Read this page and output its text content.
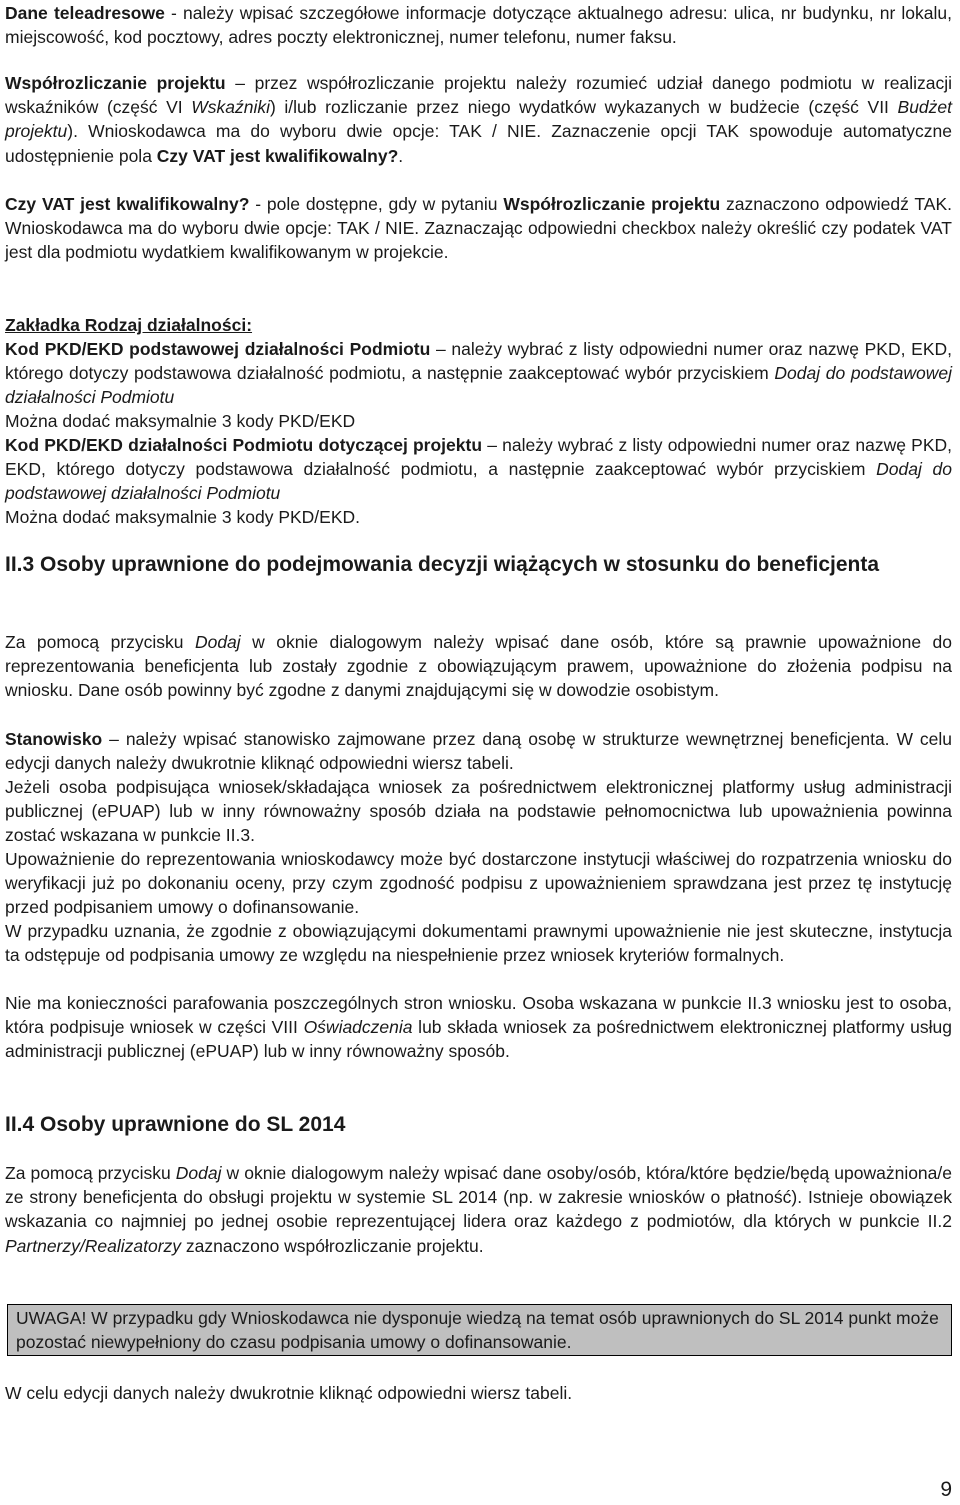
Dane teleadresowe - należy wpisać szczegółowe informacje dotyczące aktualnego adresu: ulica, nr budynku, nr lokalu, miejscowość, kod pocztowy, adres poczty elektronicznej, numer telefonu, numer faksu.

Współrozliczanie projektu – przez współrozliczanie projektu należy rozumieć udział danego podmiotu w realizacji wskaźników (część VI Wskaźniki) i/lub rozliczanie przez niego wydatków wykazanych w budżecie (część VII Budżet projektu). Wnioskodawca ma do wyboru dwie opcje: TAK / NIE. Zaznaczenie opcji TAK spowoduje automatyczne udostępnienie pola Czy VAT jest kwalifikowalny?.

Czy VAT jest kwalifikowalny? - pole dostępne, gdy w pytaniu Współrozliczanie projektu zaznaczono odpowiedź TAK. Wnioskodawca ma do wyboru dwie opcje: TAK / NIE. Zaznaczając odpowiedni checkbox należy określić czy podatek VAT jest dla podmiotu wydatkiem kwalifikowanym w projekcie.

Zakładka Rodzaj działalności:

Kod PKD/EKD podstawowej działalności Podmiotu – należy wybrać z listy odpowiedni numer oraz nazwę PKD, EKD, którego dotyczy podstawowa działalność podmiotu, a następnie zaakceptować wybór przyciskiem Dodaj do podstawowej działalności Podmiotu

Można dodać maksymalnie 3 kody PKD/EKD

Kod PKD/EKD działalności Podmiotu dotyczącej projektu – należy wybrać z listy odpowiedni numer oraz nazwę PKD, EKD, którego dotyczy podstawowa działalność podmiotu, a następnie zaakceptować wybór przyciskiem Dodaj do podstawowej działalności Podmiotu

Można dodać maksymalnie 3 kody PKD/EKD.

II.3 Osoby uprawnione do podejmowania decyzji wiążących w stosunku do beneficjenta

Za pomocą przycisku Dodaj w oknie dialogowym należy wpisać dane osób, które są prawnie upoważnione do reprezentowania beneficjenta lub zostały zgodnie z obowiązującym prawem, upoważnione do złożenia podpisu na wniosku. Dane osób powinny być zgodne z danymi znajdującymi się w dowodzie osobistym.

Stanowisko – należy wpisać stanowisko zajmowane przez daną osobę w strukturze wewnętrznej beneficjenta. W celu edycji danych należy dwukrotnie kliknąć odpowiedni wiersz tabeli.

Jeżeli osoba podpisująca wniosek/składająca wniosek za pośrednictwem elektronicznej platformy usług administracji publicznej (ePUAP) lub w inny równoważny sposób działa na podstawie pełnomocnictwa lub upoważnienia powinna zostać wskazana w punkcie II.3.

Upoważnienie do reprezentowania wnioskodawcy może być dostarczone instytucji właściwej do rozpatrzenia wniosku do weryfikacji już po dokonaniu oceny, przy czym zgodność podpisu z upoważnieniem sprawdzana jest przez tę instytucję przed podpisaniem umowy o dofinansowanie.

W przypadku uznania, że zgodnie z obowiązującymi dokumentami prawnymi upoważnienie nie jest skuteczne, instytucja ta odstępuje od podpisania umowy ze względu na niespełnienie przez wniosek kryteriów formalnych.

Nie ma konieczności parafowania poszczególnych stron wniosku. Osoba wskazana w punkcie II.3 wniosku jest to osoba, która podpisuje wniosek w części VIII Oświadczenia lub składa wniosek za pośrednictwem elektronicznej platformy usług administracji publicznej (ePUAP) lub w inny równoważny sposób.

II.4 Osoby uprawnione do SL 2014

Za pomocą przycisku Dodaj w oknie dialogowym należy wpisać dane osoby/osób, która/które będzie/będą upoważniona/e ze strony beneficjenta do obsługi projektu w systemie SL 2014 (np. w zakresie wniosków o płatność). Istnieje obowiązek wskazania co najmniej po jednej osobie reprezentującej lidera oraz każdego z podmiotów, dla których w punkcie II.2 Partnerzy/Realizatorzy zaznaczono współrozliczanie projektu.

UWAGA! W przypadku gdy Wnioskodawca nie dysponuje wiedzą na temat osób uprawnionych do SL 2014 punkt może pozostać niewypełniony do czasu podpisania umowy o dofinansowanie.

W celu edycji danych należy dwukrotnie kliknąć odpowiedni wiersz tabeli.

9
